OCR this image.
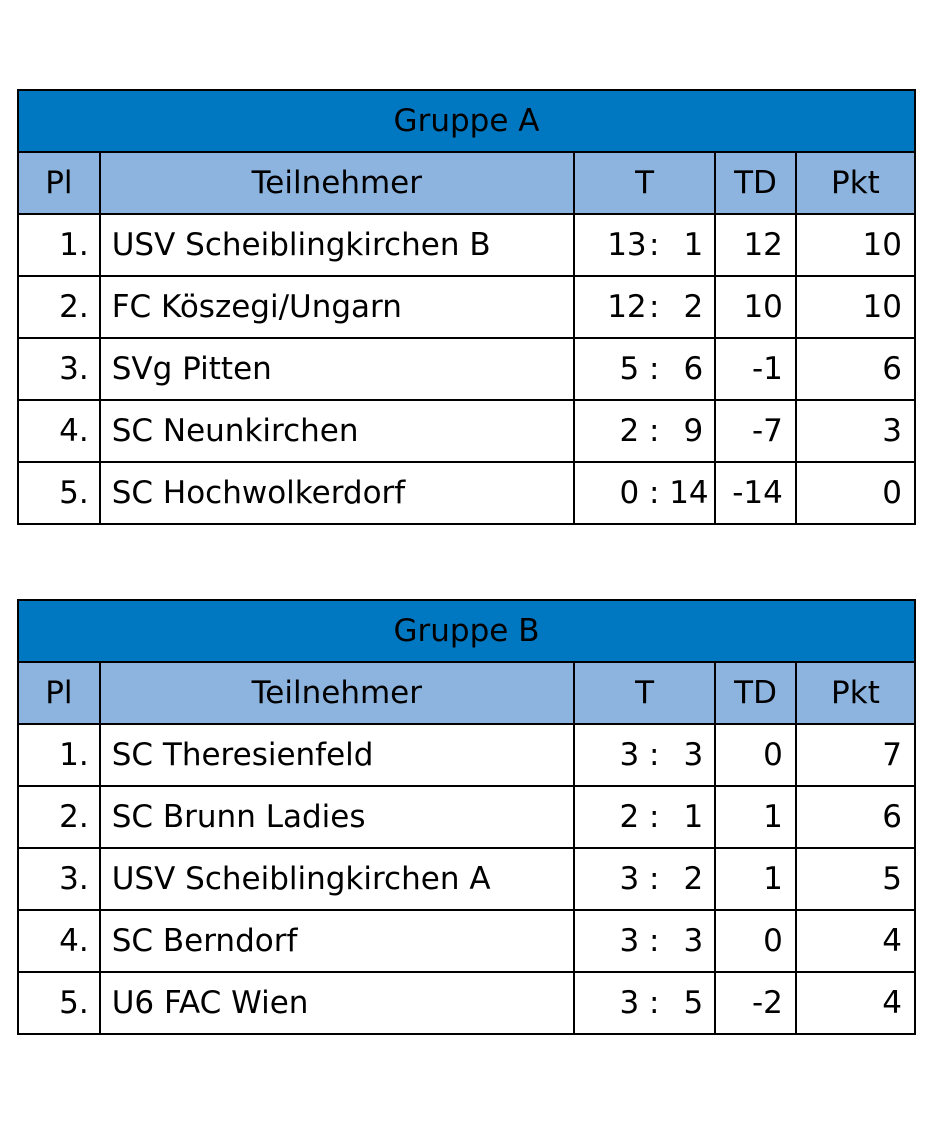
Gruppe A				
Pl	Teilnehmer	T	TD	Pkt
1.	USV Scheiblingkirchen B	13 : 1	12	10
2.	FC Köszegi/Ungarn	12 : 2	10	10
3.	SVg Pitten	5 : 6	-1	6
4.	SC Neunkirchen	2 : 9	-7	3
5.	SC Hochwolkerdorf	0 : 14	-14	0
Gruppe B				
Pl	Teilnehmer	T	TD	Pkt
1.	SC Theresienfeld	3 : 3	0	7
2.	SC Brunn Ladies	2 : 1	1	6
3.	USV Scheiblingkirchen A	3 : 2	1	5
4.	SC Berndorf	3 : 3	0	4
5.	U6 FAC Wien	3 : 5	-2	4
